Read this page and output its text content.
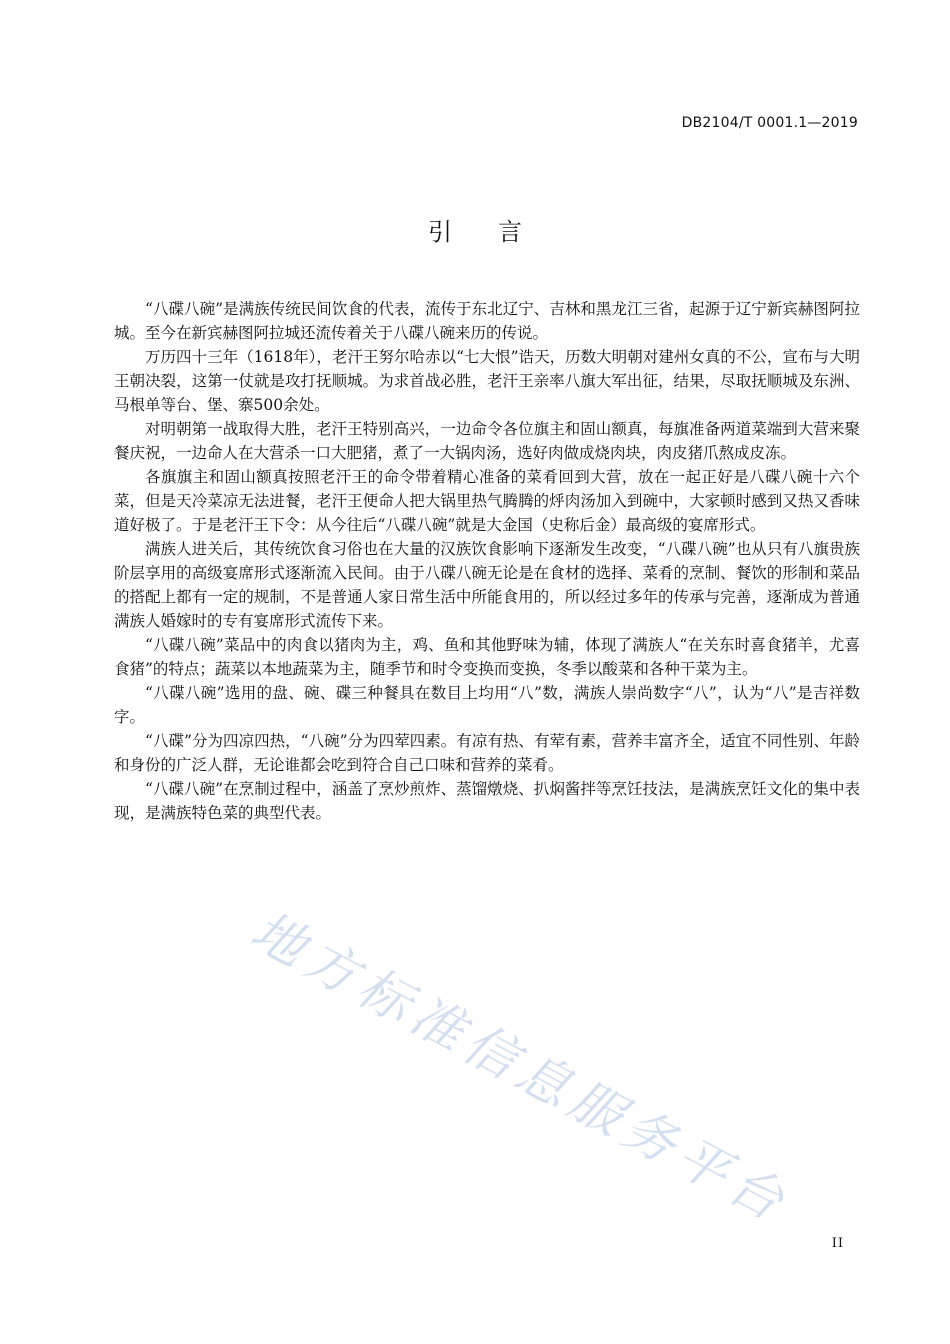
DB2104/T 0001.1—2019
引言

“八碟八碗”是满族传统民间饮食的代表，流传于东北辽宁、吉林和黑龙江三省，起源于辽宁新宾赫图阿拉城。至今在新宾赫图阿拉城还流传着关于八碟八碗来历的传说。

万历四十三年（1618年），老汗王努尔哈赤以“七大恨”诰天，历数大明朝对建州女真的不公，宣布与大明王朝决裂，这第一仗就是攻打抚顺城。为求首战必胜，老汗王亲率八旗大军出征，结果，尽取抚顺城及东洲、马根单等台、堡、寨500余处。

对明朝第一战取得大胜，老汗王特别高兴，一边命令各位旗主和固山额真，每旗准备两道菜端到大营来聚餐庆祝，一边命人在大营杀一口大肥猪，煮了一大锅肉汤，选好肉做成烧肉块，肉皮猪爪熬成皮冻。

各旗旗主和固山额真按照老汗王的命令带着精心准备的菜肴回到大营，放在一起正好是八碟八碗十六个菜，但是天冷菜凉无法进餐，老汗王便命人把大锅里热气腾腾的烀肉汤加入到碗中，大家顿时感到又热又香味道好极了。于是老汗王下令：从今往后“八碟八碗”就是大金国（史称后金）最高级的宴席形式。

满族人进关后，其传统饮食习俗也在大量的汉族饮食影响下逐渐发生改变，“八碟八碗”也从只有八旗贵族阶层享用的高级宴席形式逐渐流入民间。由于八碟八碗无论是在食材的选择、菜肴的烹制、餐饮的形制和菜品的搭配上都有一定的规制，不是普通人家日常生活中所能食用的，所以经过多年的传承与完善，逐渐成为普通满族人婚嫁时的专有宴席形式流传下来。

“八碟八碗”菜品中的肉食以猪肉为主，鸡、鱼和其他野味为辅，体现了满族人“在关东时喜食猪羊，尤喜食猪”的特点；蔬菜以本地蔬菜为主，随季节和时令变换而变换，冬季以酸菜和各种干菜为主。

“八碟八碗”选用的盘、碗、碟三种餐具在数目上均用“八”数，满族人崇尚数字“八”，认为“八”是吉祥数字。

“八碟”分为四凉四热，“八碗”分为四荤四素。有凉有热、有荤有素，营养丰富齐全，适宜不同性别、年龄和身份的广泛人群，无论谁都会吃到符合自己口味和营养的菜肴。

“八碟八碗”在烹制过程中，涵盖了烹炒煎炸、蒸馏燉烧、扒焖酱拌等烹饪技法，是满族烹饪文化的集中表现，是满族特色菜的典型代表。

地方标准信息服务平台
II
